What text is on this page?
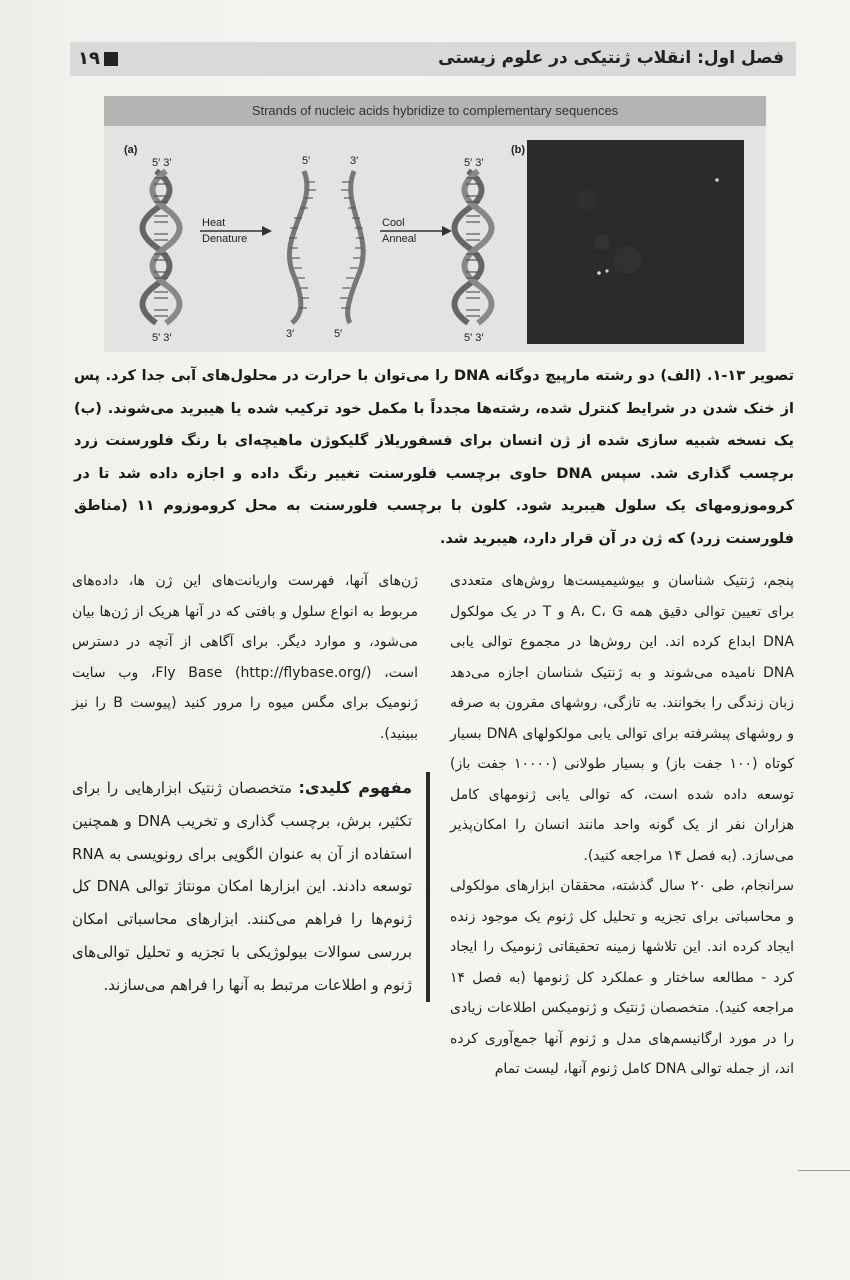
فصل اول: انقلاب ژنتیکی در علوم زیستی
۱۹
Strands of nucleic acids hybridize to complementary sequences
(a)	(b)
5′ 3′
5′ 3′
Heat
Denature
5′	3′
3′	5′
Cool
Anneal
5′ 3′
5′ 3′
تصویر ۱۳-۱. (الف) دو رشته مارپیچ دوگانه DNA را می‌توان با حرارت در محلول‌های آبی جدا کرد. پس از خنک شدن در شرایط کنترل شده، رشته‌ها مجدداً با مکمل خود ترکیب شده یا هیبرید می‌شوند. (ب) یک نسخه شبیه سازی شده از ژن انسان برای فسفوریلاز گلیکوژن ماهیچه‌ای با رنگ فلورسنت زرد برچسب گذاری شد. سپس DNA حاوی برچسب فلورسنت تغییر رنگ داده و اجازه داده شد تا در کروموزومهای یک سلول هیبرید شود. کلون با برچسب فلورسنت به محل کروموزوم ۱۱ (مناطق فلورسنت زرد) که ژن در آن قرار دارد، هیبرید شد.

پنجم، ژنتیک شناسان و بیوشیمیست‌ها روش‌های متعددی برای تعیین توالی دقیق همه A، C، G و T در یک مولکول DNA ابداع کرده اند. این روش‌ها در مجموع توالی یابی DNA نامیده می‌شوند و به ژنتیک شناسان اجازه می‌دهد زبان زندگی را بخوانند. به تازگی، روشهای مقرون به صرفه و روشهای پیشرفته برای توالی یابی مولکولهای DNA بسیار کوتاه (۱۰۰ جفت باز) و بسیار طولانی (۱۰۰۰۰ جفت باز) توسعه داده شده است، که توالی یابی ژنومهای کامل هزاران نفر از یک گونه واحد مانند انسان را امکان‌پذیر می‌سازد. (به فصل ۱۴ مراجعه کنید).

سرانجام، طی ۲۰ سال گذشته، محققان ابزارهای مولکولی و محاسباتی برای تجزیه و تحلیل کل ژنوم یک موجود زنده ایجاد کرده اند. این تلاشها زمینه تحقیقاتی ژنومیک را ایجاد کرد - مطالعه ساختار و عملکرد کل ژنومها (به فصل ۱۴ مراجعه کنید). متخصصان ژنتیک و ژنومیکس اطلاعات زیادی را در مورد ارگانیسم‌های مدل و ژنوم آنها جمع‌آوری کرده اند، از جمله توالی DNA کامل ژنوم آنها، لیست تمام

ژن‌های آنها، فهرست واریانت‌های این ژن ها، داده‌های مربوط به انواع سلول و بافتی که در آنها هریک از ژن‌ها بیان می‌شود، و موارد دیگر. برای آگاهی از آنچه در دسترس است، Fly Base (http://flybase.org/)، وب سایت ژنومیک برای مگس میوه را مرور کنید (پیوست B را نیز ببینید).

مفهوم کلیدی: متخصصان ژنتیک ابزارهایی را برای تکثیر، برش، برچسب گذاری و تخریب DNA و همچنین استفاده از آن به عنوان الگویی برای رونویسی به RNA توسعه دادند. این ابزارها امکان مونتاژ توالی DNA کل ژنوم‌ها را فراهم می‌کنند. ابزارهای محاسباتی امکان بررسی سوالات بیولوژیکی با تجزیه و تحلیل توالی‌های ژنوم و اطلاعات مرتبط به آنها را فراهم می‌سازند.
